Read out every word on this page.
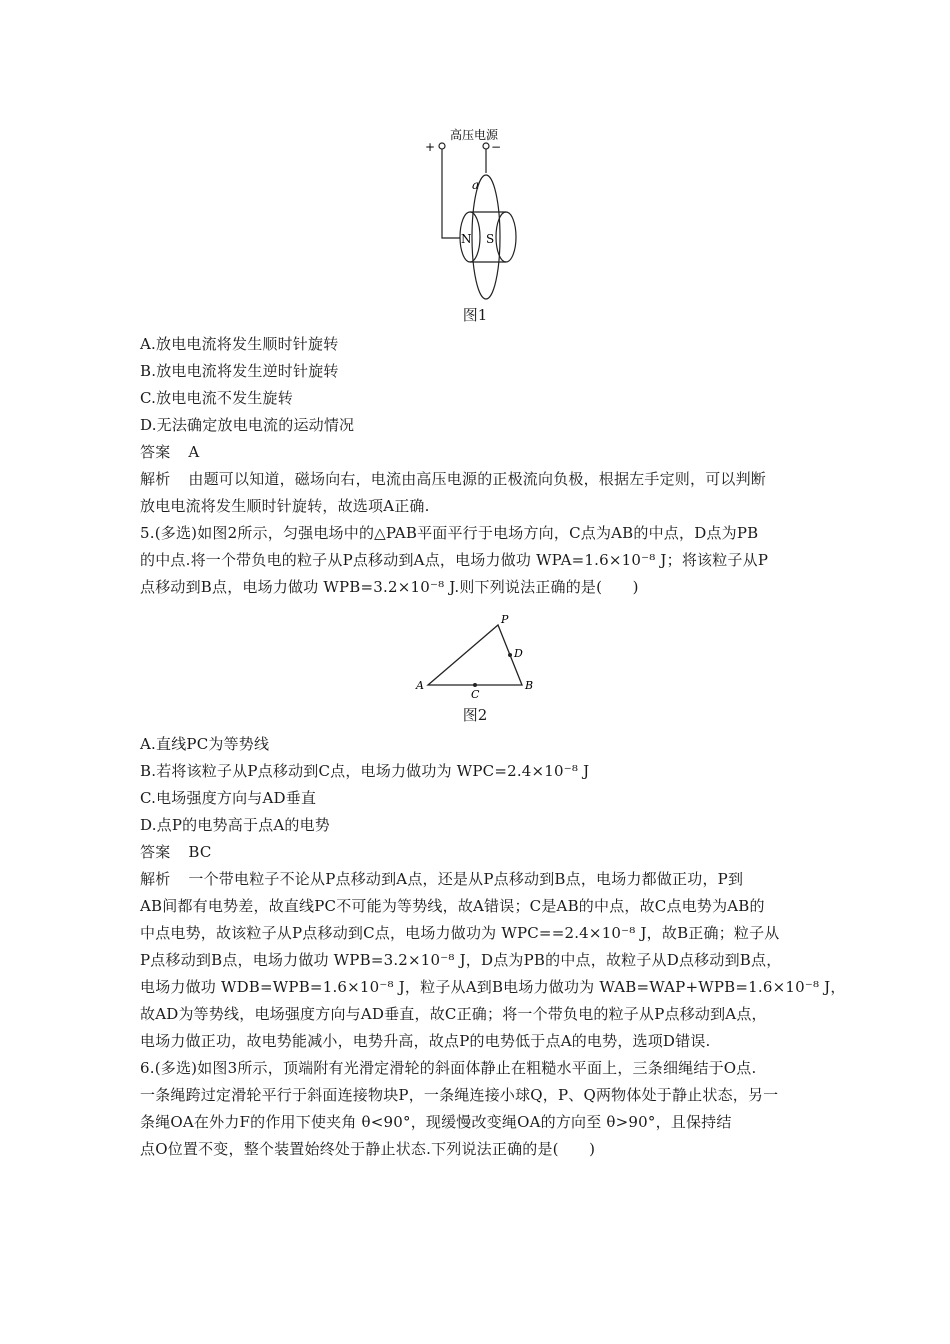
高压电源
+	−
a
N S
图1
A.放电电流将发生顺时针旋转
B.放电电流将发生逆时针旋转
C.放电电流不发生旋转
D.无法确定放电电流的运动情况
答案 A
解析 由题可以知道，磁场向右，电流由高压电源的正极流向负极，根据左手定则，可以判断
放电电流将发生顺时针旋转，故选项A正确.
5.(多选)如图2所示，匀强电场中的△PAB平面平行于电场方向，C点为AB的中点，D点为PB
的中点.将一个带负电的粒子从P点移动到A点，电场力做功 WPA=1.6×10⁻⁸ J；将该粒子从P
点移动到B点，电场力做功 WPB=3.2×10⁻⁸ J.则下列说法正确的是(　　)
P
A	B
C
D
图2
A.直线PC为等势线
B.若将该粒子从P点移动到C点，电场力做功为 WPC=2.4×10⁻⁸ J
C.电场强度方向与AD垂直
D.点P的电势高于点A的电势
答案 BC
解析 一个带电粒子不论从P点移动到A点，还是从P点移动到B点，电场力都做正功，P到
AB间都有电势差，故直线PC不可能为等势线，故A错误；C是AB的中点，故C点电势为AB的
中点电势，故该粒子从P点移动到C点，电场力做功为 WPC==2.4×10⁻⁸ J，故B正确；粒子从
P点移动到B点，电场力做功 WPB=3.2×10⁻⁸ J，D点为PB的中点，故粒子从D点移动到B点，
电场力做功 WDB=WPB=1.6×10⁻⁸ J，粒子从A到B电场力做功为 WAB=WAP+WPB=1.6×10⁻⁸ J，
故AD为等势线，电场强度方向与AD垂直，故C正确；将一个带负电的粒子从P点移动到A点，
电场力做正功，故电势能减小，电势升高，故点P的电势低于点A的电势，选项D错误.
6.(多选)如图3所示，顶端附有光滑定滑轮的斜面体静止在粗糙水平面上，三条细绳结于O点.
一条绳跨过定滑轮平行于斜面连接物块P，一条绳连接小球Q，P、Q两物体处于静止状态，另一
条绳OA在外力F的作用下使夹角 θ<90°，现缓慢改变绳OA的方向至 θ>90°，且保持结
点O位置不变，整个装置始终处于静止状态.下列说法正确的是(　　)
